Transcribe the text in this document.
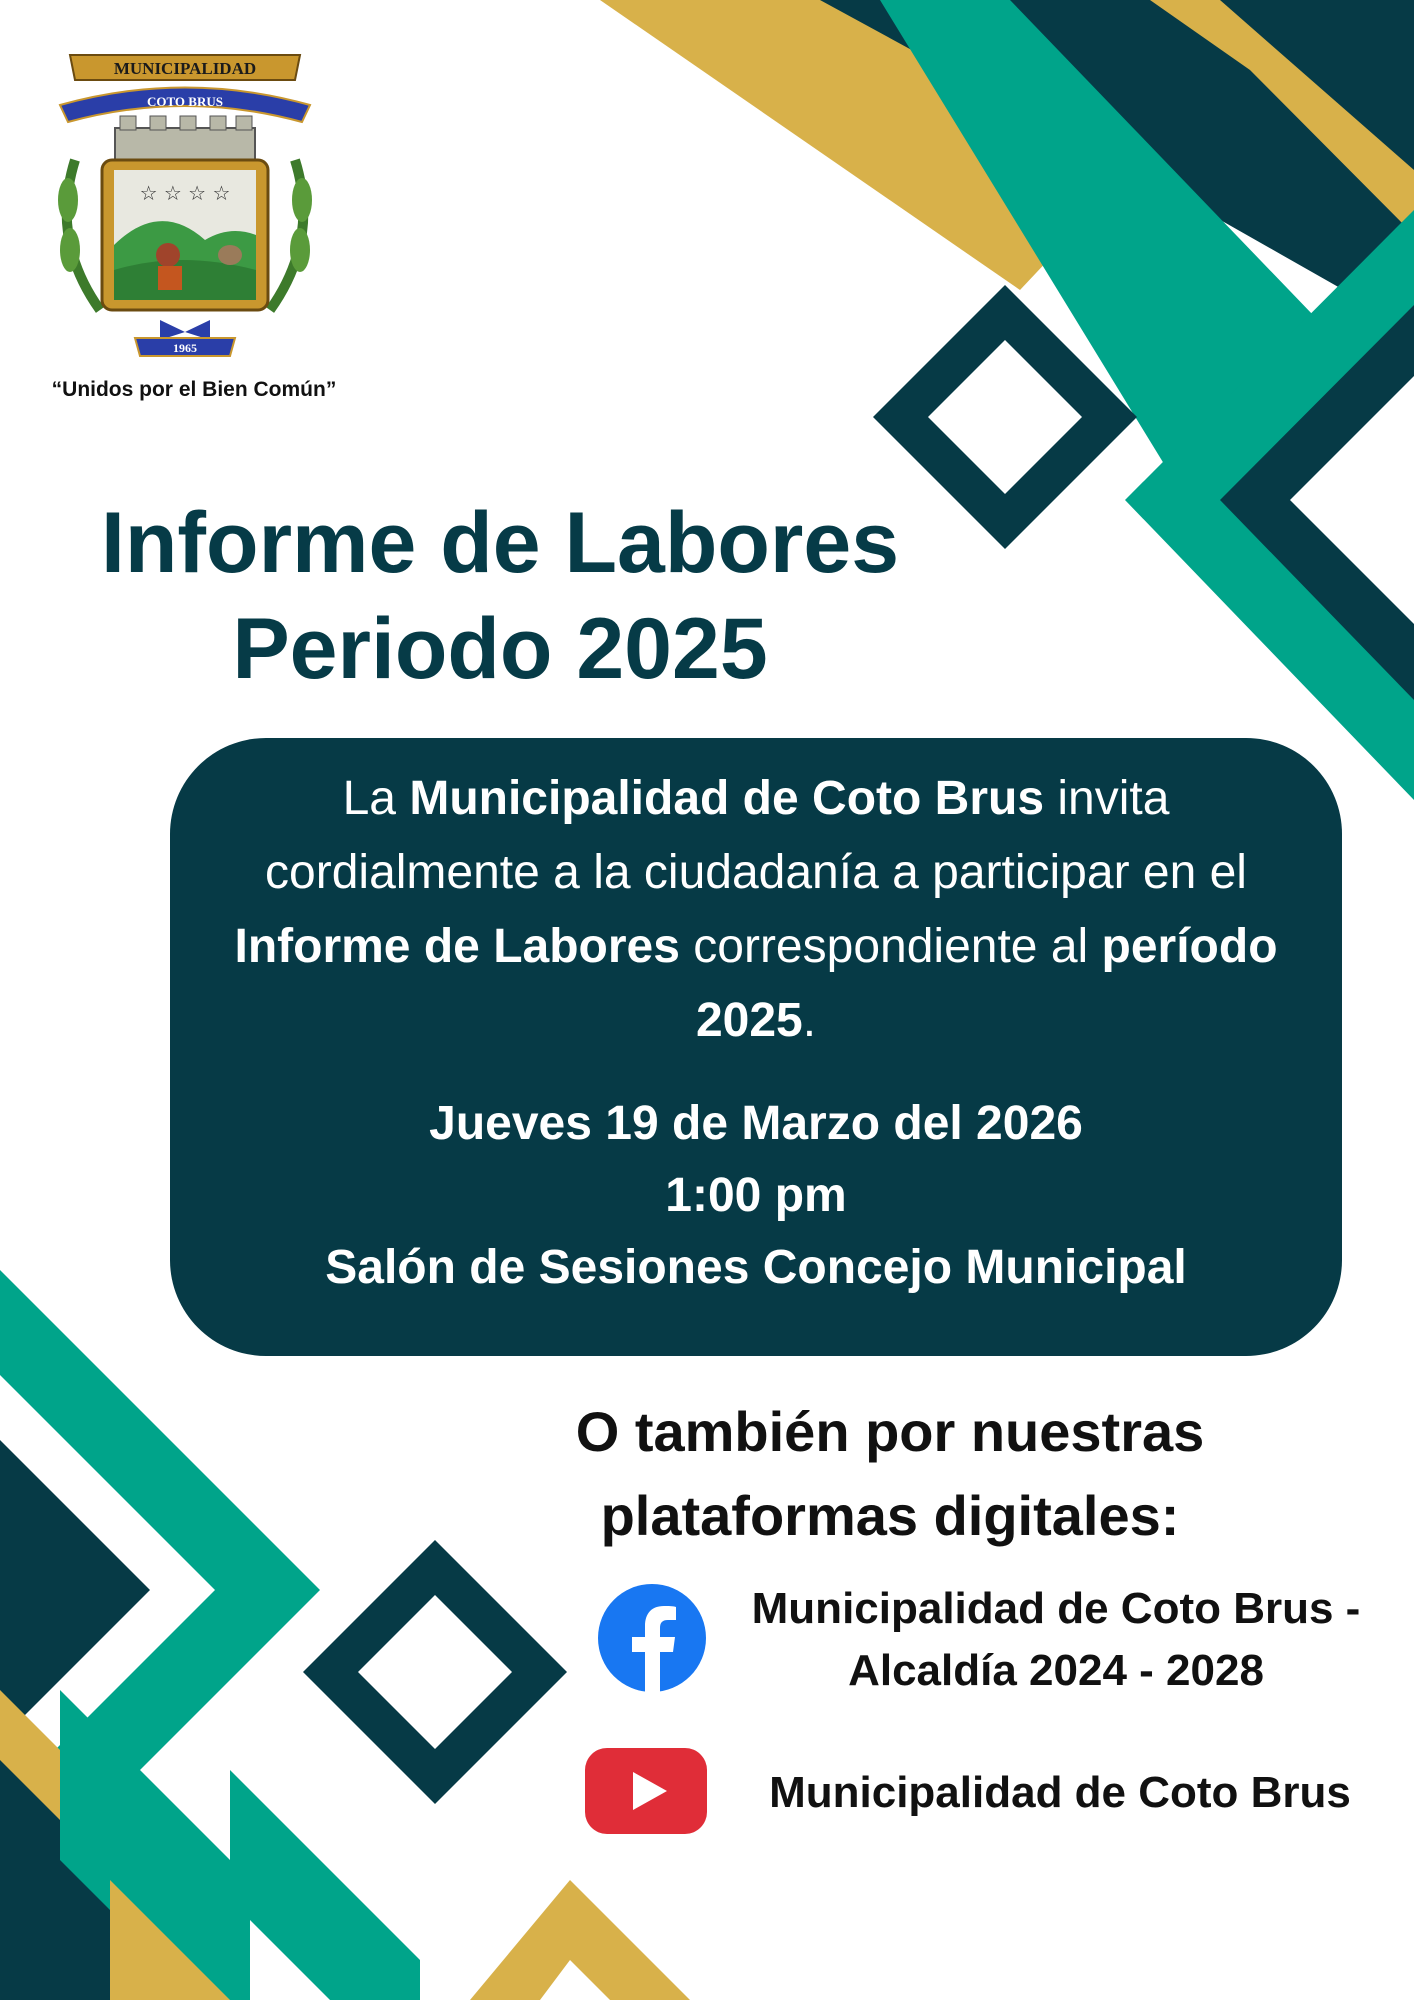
☆ ☆ ☆ ☆
MUNICIPALIDAD
COTO BRUS
1965
“Unidos por el Bien Común”
Informe de Labores
Periodo 2025

La Municipalidad de Coto Brus invita cordialmente a la ciudadanía a participar en el Informe de Labores correspondiente al período 2025.

Jueves 19 de Marzo del 2026
1:00 pm
Salón de Sesiones Concejo Municipal
O también por nuestras
plataformas digitales:
Municipalidad de Coto Brus -
Alcaldía 2024 - 2028
Municipalidad de Coto Brus
